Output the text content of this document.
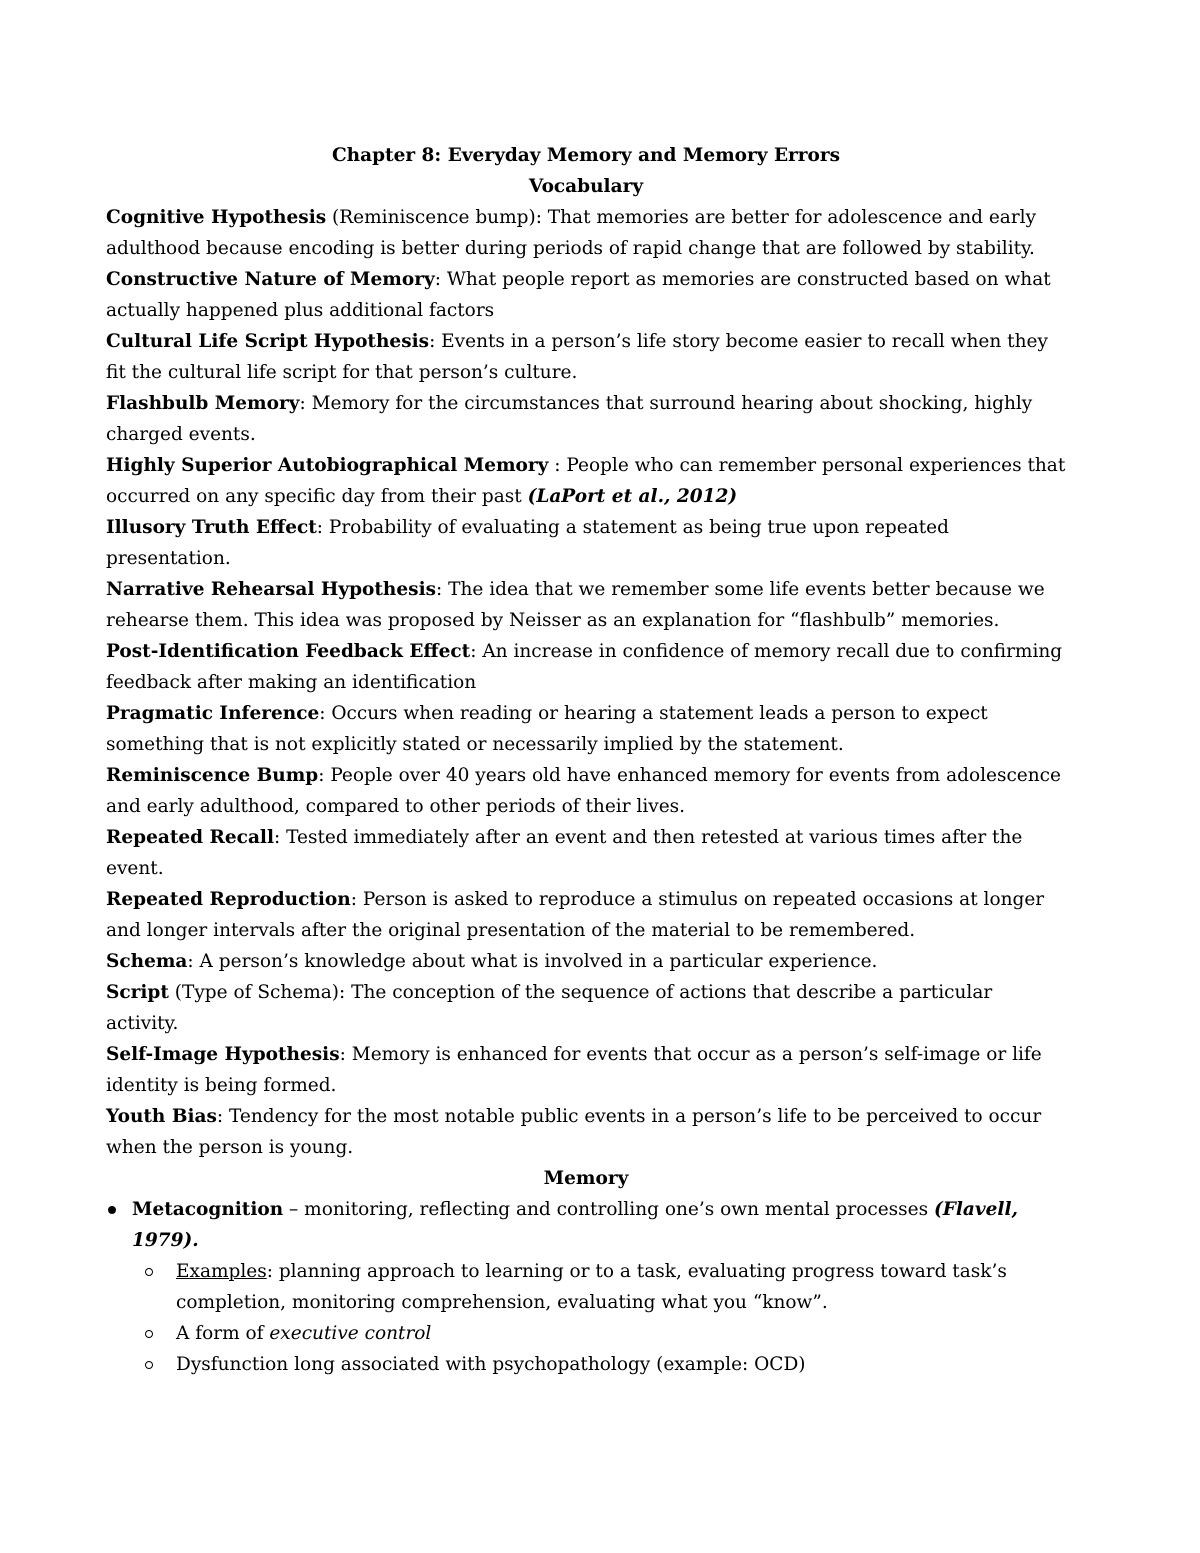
Chapter 8: Everyday Memory and Memory Errors
Vocabulary

Cognitive Hypothesis (Reminiscence bump): That memories are better for adolescence and early adulthood because encoding is better during periods of rapid change that are followed by stability.

Constructive Nature of Memory: What people report as memories are constructed based on what actually happened plus additional factors

Cultural Life Script Hypothesis: Events in a person’s life story become easier to recall when they fit the cultural life script for that person’s culture.

Flashbulb Memory: Memory for the circumstances that surround hearing about shocking, highly charged events.

Highly Superior Autobiographical Memory : People who can remember personal experiences that occurred on any specific day from their past (LaPort et al., 2012)

Illusory Truth Effect: Probability of evaluating a statement as being true upon repeated presentation.

Narrative Rehearsal Hypothesis: The idea that we remember some life events better because we rehearse them. This idea was proposed by Neisser as an explanation for “flashbulb” memories.

Post-Identification Feedback Effect: An increase in confidence of memory recall due to confirming feedback after making an identification

Pragmatic Inference: Occurs when reading or hearing a statement leads a person to expect something that is not explicitly stated or necessarily implied by the statement.

Reminiscence Bump: People over 40 years old have enhanced memory for events from adolescence and early adulthood, compared to other periods of their lives.

Repeated Recall: Tested immediately after an event and then retested at various times after the event.

Repeated Reproduction: Person is asked to reproduce a stimulus on repeated occasions at longer and longer intervals after the original presentation of the material to be remembered.

Schema: A person’s knowledge about what is involved in a particular experience.

Script (Type of Schema): The conception of the sequence of actions that describe a particular activity.

Self-Image Hypothesis: Memory is enhanced for events that occur as a person’s self-image or life identity is being formed.

Youth Bias: Tendency for the most notable public events in a person’s life to be perceived to occur when the person is young.

Memory
Metacognition – monitoring, reflecting and controlling one’s own mental processes (Flavell, 1979).
Examples: planning approach to learning or to a task, evaluating progress toward task’s completion, monitoring comprehension, evaluating what you “know”.
A form of executive control
Dysfunction long associated with psychopathology (example: OCD)
